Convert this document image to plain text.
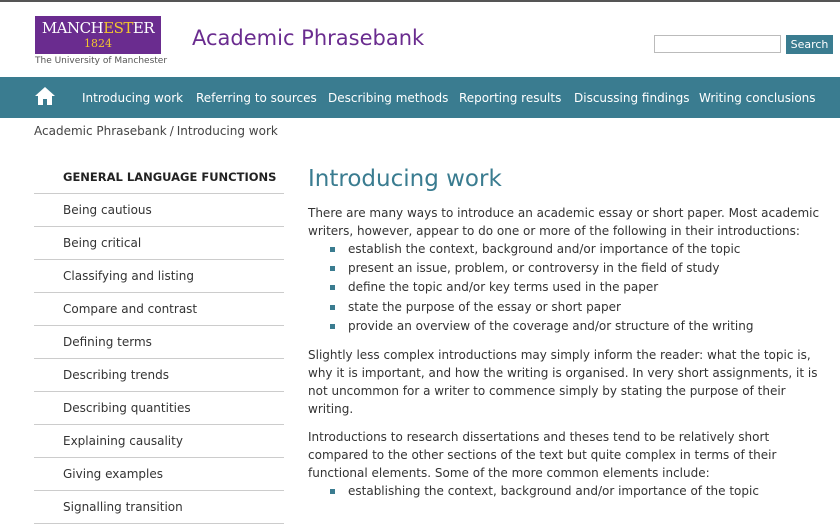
MANCHESTER
1824
The University of Manchester
Academic Phrasebank	Search
Introducing work Referring to sources Describing methods Reporting results Discussing findings Writing conclusions
Academic Phrasebank / Introducing work
GENERAL LANGUAGE FUNCTIONS
Being cautious
Being critical
Classifying and listing
Compare and contrast
Defining terms
Describing trends
Describing quantities
Explaining causality
Giving examples
Signalling transition
Introducing work

There are many ways to introduce an academic essay or short paper. Most academic writers, however, appear to do one or more of the following in their introductions:

establish the context, background and/or importance of the topic
present an issue, problem, or controversy in the field of study
define the topic and/or key terms used in the paper
state the purpose of the essay or short paper
provide an overview of the coverage and/or structure of the writing

Slightly less complex introductions may simply inform the reader: what the topic is, why it is important, and how the writing is organised. In very short assignments, it is not uncommon for a writer to commence simply by stating the purpose of their writing.

Introductions to research dissertations and theses tend to be relatively short compared to the other sections of the text but quite complex in terms of their functional elements. Some of the more common elements include:

establishing the context, background and/or importance of the topic
